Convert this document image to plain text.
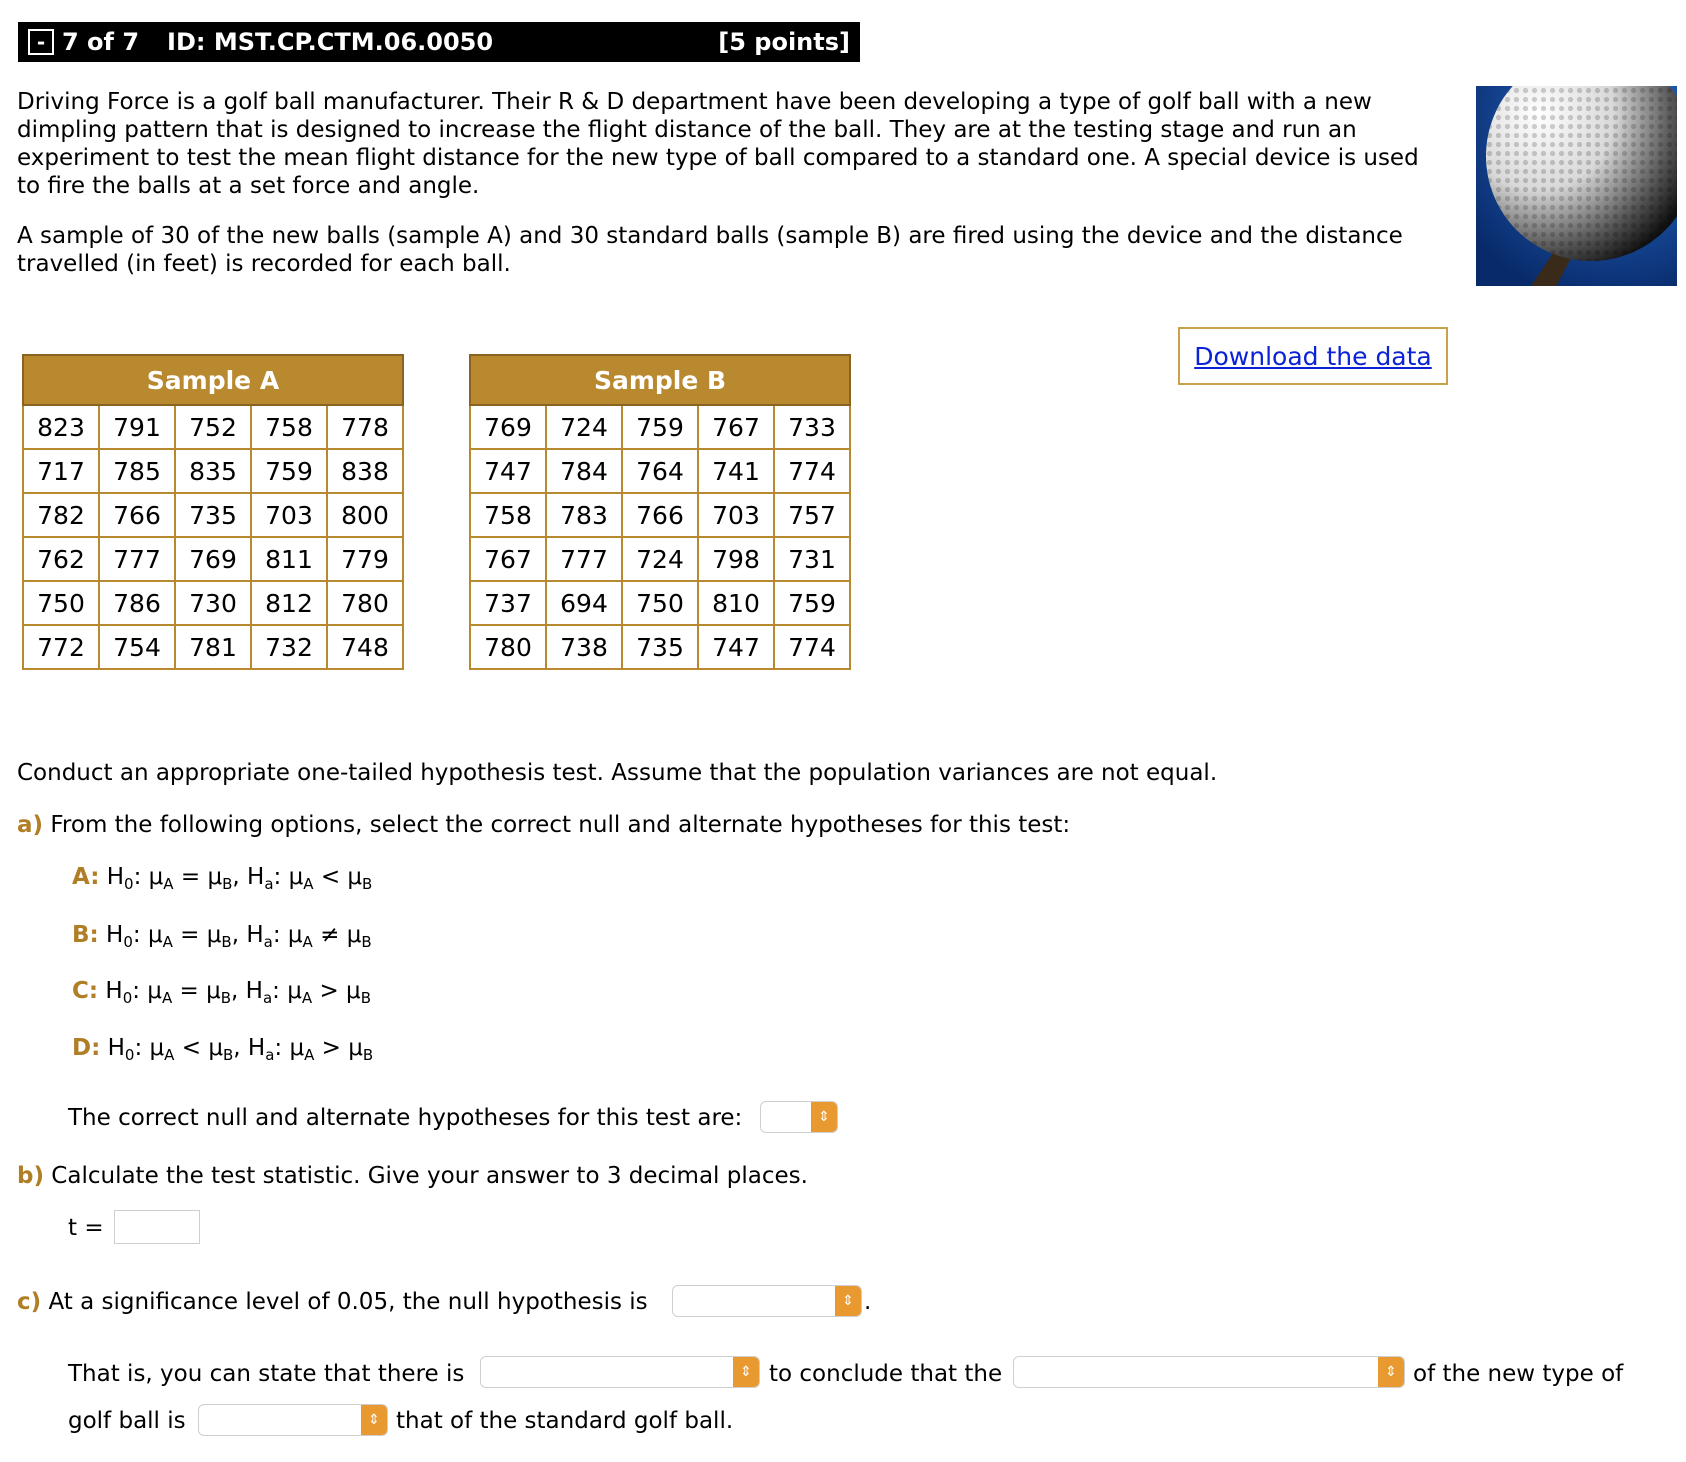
- 7 of 7 ID: MST.CP.CTM.06.0050	[5 points]

Driving Force is a golf ball manufacturer. Their R & D department have been developing a type of golf ball with a new dimpling pattern that is designed to increase the flight distance of the ball. They are at the testing stage and run an experiment to test the mean flight distance for the new type of ball compared to a standard one. A special device is used to fire the balls at a set force and angle.

A sample of 30 of the new balls (sample A) and 30 standard balls (sample B) are fired using the device and the distance travelled (in feet) is recorded for each ball.

Download the data
Sample A				
823	791	752	758	778
717	785	835	759	838
782	766	735	703	800
762	777	769	811	779
750	786	730	812	780
772	754	781	732	748
Sample B				
769	724	759	767	733
747	784	764	741	774
758	783	766	703	757
767	777	724	798	731
737	694	750	810	759
780	738	735	747	774
Conduct an appropriate one-tailed hypothesis test. Assume that the population variances are not equal.
a) From the following options, select the correct null and alternate hypotheses for this test:
A: $H_0$: $\mu_A = \mu_B$, $H_a$: $\mu_A < \mu_B$
B: $H_0$: $\mu_A = \mu_B$, $H_a$: $\mu_A \ne \mu_B$
C: $H_0$: $\mu_A = \mu_B$, $H_a$: $\mu_A > \mu_B$
D: $H_0$: $\mu_A < \mu_B$, $H_a$: $\mu_A > \mu_B$
The correct null and alternate hypotheses for this test are:	⇕
b) Calculate the test statistic. Give your answer to 3 decimal places.
t =
c) At a significance level of 0.05, the null hypothesis is	⇕ .
That is, you can state that there is	⇕ to conclude that the	⇕ of the new type of
golf ball is	⇕ that of the standard golf ball.
